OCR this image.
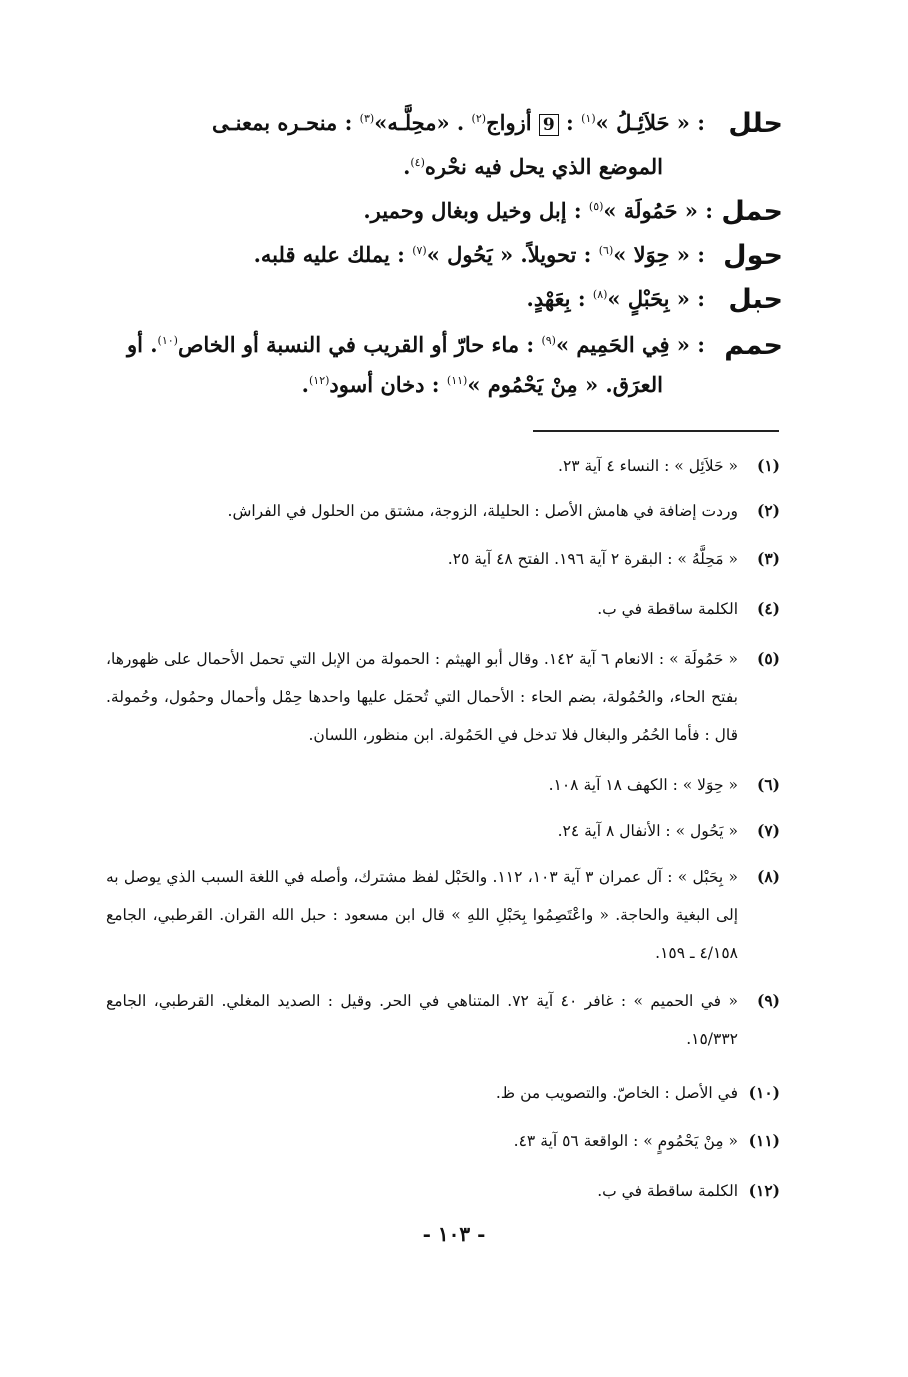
حلل
: « حَلاَئِـلُ »$^{(١)}$ : 9 أزواج$^{(٢)}$ . «محِلَّـه»$^{(٣)}$ : منحـره بمعنـى
الموضع الذي يحل فيه نحْره$^{(٤)}$.
حمل
: « حَمُولَة »$^{(٥)}$ : إبل وخيل وبغال وحمير.
حول
: « حِوَلا »$^{(٦)}$ : تحويلاً. « يَحُول »$^{(٧)}$ : يملك عليه قلبه.
حبل
: « بِحَبْلٍ »$^{(٨)}$ : بِعَهْدٍ.
حمم
: « فِي الحَمِيم »$^{(٩)}$ : ماء حارّ أو القريب في النسبة أو الخاص$^{(١٠)}$. أو
العرَق. « مِنْ يَحْمُوم »$^{(١١)}$ : دخان أسود$^{(١٢)}$.
(١)
« حَلاَئِل » : النساء ٤ آية ٢٣.
(٢)
وردت إضافة في هامش الأصل : الحليلة، الزوجة، مشتق من الحلول في الفراش.
(٣)
« مَحِلَّهُ » : البقرة ٢ آية ١٩٦. الفتح ٤٨ آية ٢٥.
(٤)
الكلمة ساقطة في ب.
(٥)
« حَمُولَة » : الانعام ٦ آية ١٤٢. وقال أبو الهيثم : الحمولة من الإبل التي تحمل الأحمال على ظهورها، بفتح الحاء، والحُمُولة، بضم الحاء : الأحمال التي تُحمَل عليها واحدها حِمْل وأحمال وحمُول، وحُمولة. قال : فأما الحُمُر والبغال فلا تدخل في الحَمُولة. ابن منظور، اللسان.
(٦)
« حِوَلا » : الكهف ١٨ آية ١٠٨.
(٧)
« يَحُول » : الأنفال ٨ آية ٢٤.
(٨)
« بِحَبْل » : آل عمران ٣ آية ١٠٣، ١١٢. والحَبْل لفظ مشترك، وأصله في اللغة السبب الذي يوصل به إلى البغية والحاجة. « واعْتَصِمُوا بِحَبْلِ اللهِ » قال ابن مسعود : حبل الله القران. القرطبي، الجامع ٤/١٥٨ ـ ١٥٩.
(٩)
« في الحميم » : غافر ٤٠ آية ٧٢. المتناهي في الحر. وقيل : الصديد المغلي. القرطبي، الجامع ١٥/٣٣٢.
(١٠)
في الأصل : الخاصّ. والتصويب من ظ.
(١١)
« مِنْ يَحْمُومٍ » : الواقعة ٥٦ آية ٤٣.
(١٢)
الكلمة ساقطة في ب.
- ١٠٣ -
